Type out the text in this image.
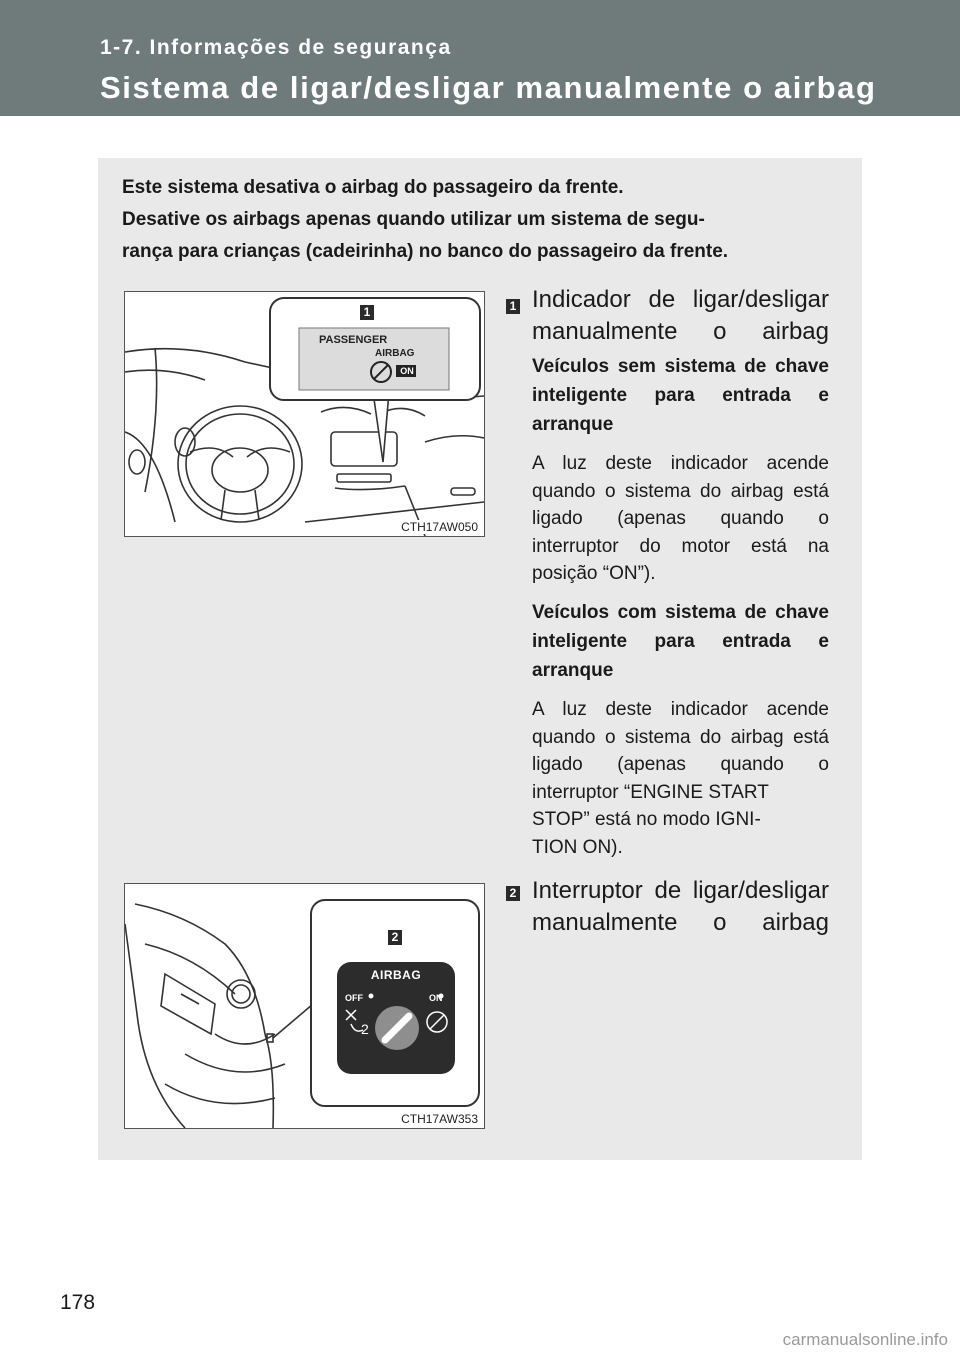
1-7. Informações de segurança
Sistema de ligar/desligar manualmente o airbag
Este sistema desativa o airbag do passageiro da frente.
Desative os airbags apenas quando utilizar um sistema de segu-
rança para crianças (cadeirinha) no banco do passageiro da frente.
1
PASSENGER
AIRBAG
ON
CTH17AW050
2
2
AIRBAG
OFF	ON
CTH17AW353
1 Indicador de ligar/desligar manualmente o airbag
Veículos sem sistema de chave inteligente para entrada e arranque
A luz deste indicador acende quando o sistema do airbag está ligado (apenas quando o interruptor do motor está na posição “ON”).
Veículos com sistema de chave inteligente para entrada e arranque
A luz deste indicador acende quando o sistema do airbag está ligado (apenas quando o interruptor “ENGINE START
STOP” está no modo IGNI-
TION ON).
2 Interruptor de ligar/desligar manualmente o airbag
178
carmanualsonline.info
